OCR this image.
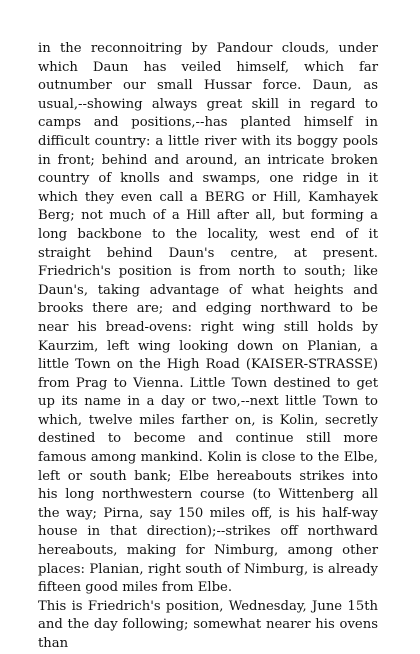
in the reconnoitring by Pandour clouds, under which Daun has veiled himself, which far outnumber our small Hussar force. Daun, as usual,--showing always great skill in regard to camps and positions,--has planted himself in difficult country: a little river with its boggy pools in front; behind and around, an intricate broken country of knolls and swamps, one ridge in it which they even call a BERG or Hill, Kamhayek Berg; not much of a Hill after all, but forming a long backbone to the locality, west end of it straight behind Daun's centre, at present. Friedrich's position is from north to south; like Daun's, taking advantage of what heights and brooks there are; and edging northward to be near his bread-ovens: right wing still holds by Kaurzim, left wing looking down on Planian, a little Town on the High Road (KAISER-STRASSE) from Prag to Vienna. Little Town destined to get up its name in a day or two,--next little Town to which, twelve miles farther on, is Kolin, secretly destined to become and continue still more famous among mankind. Kolin is close to the Elbe, left or south bank; Elbe hereabouts strikes into his long northwestern course (to Wittenberg all the way; Pirna, say 150 miles off, is his half-way house in that direction);--strikes off northward hereabouts, making for Nimburg, among other places: Planian, right south of Nimburg, is already fifteen good miles from Elbe.

This is Friedrich's position, Wednesday, June 15th and the day following; somewhat nearer his ovens than
